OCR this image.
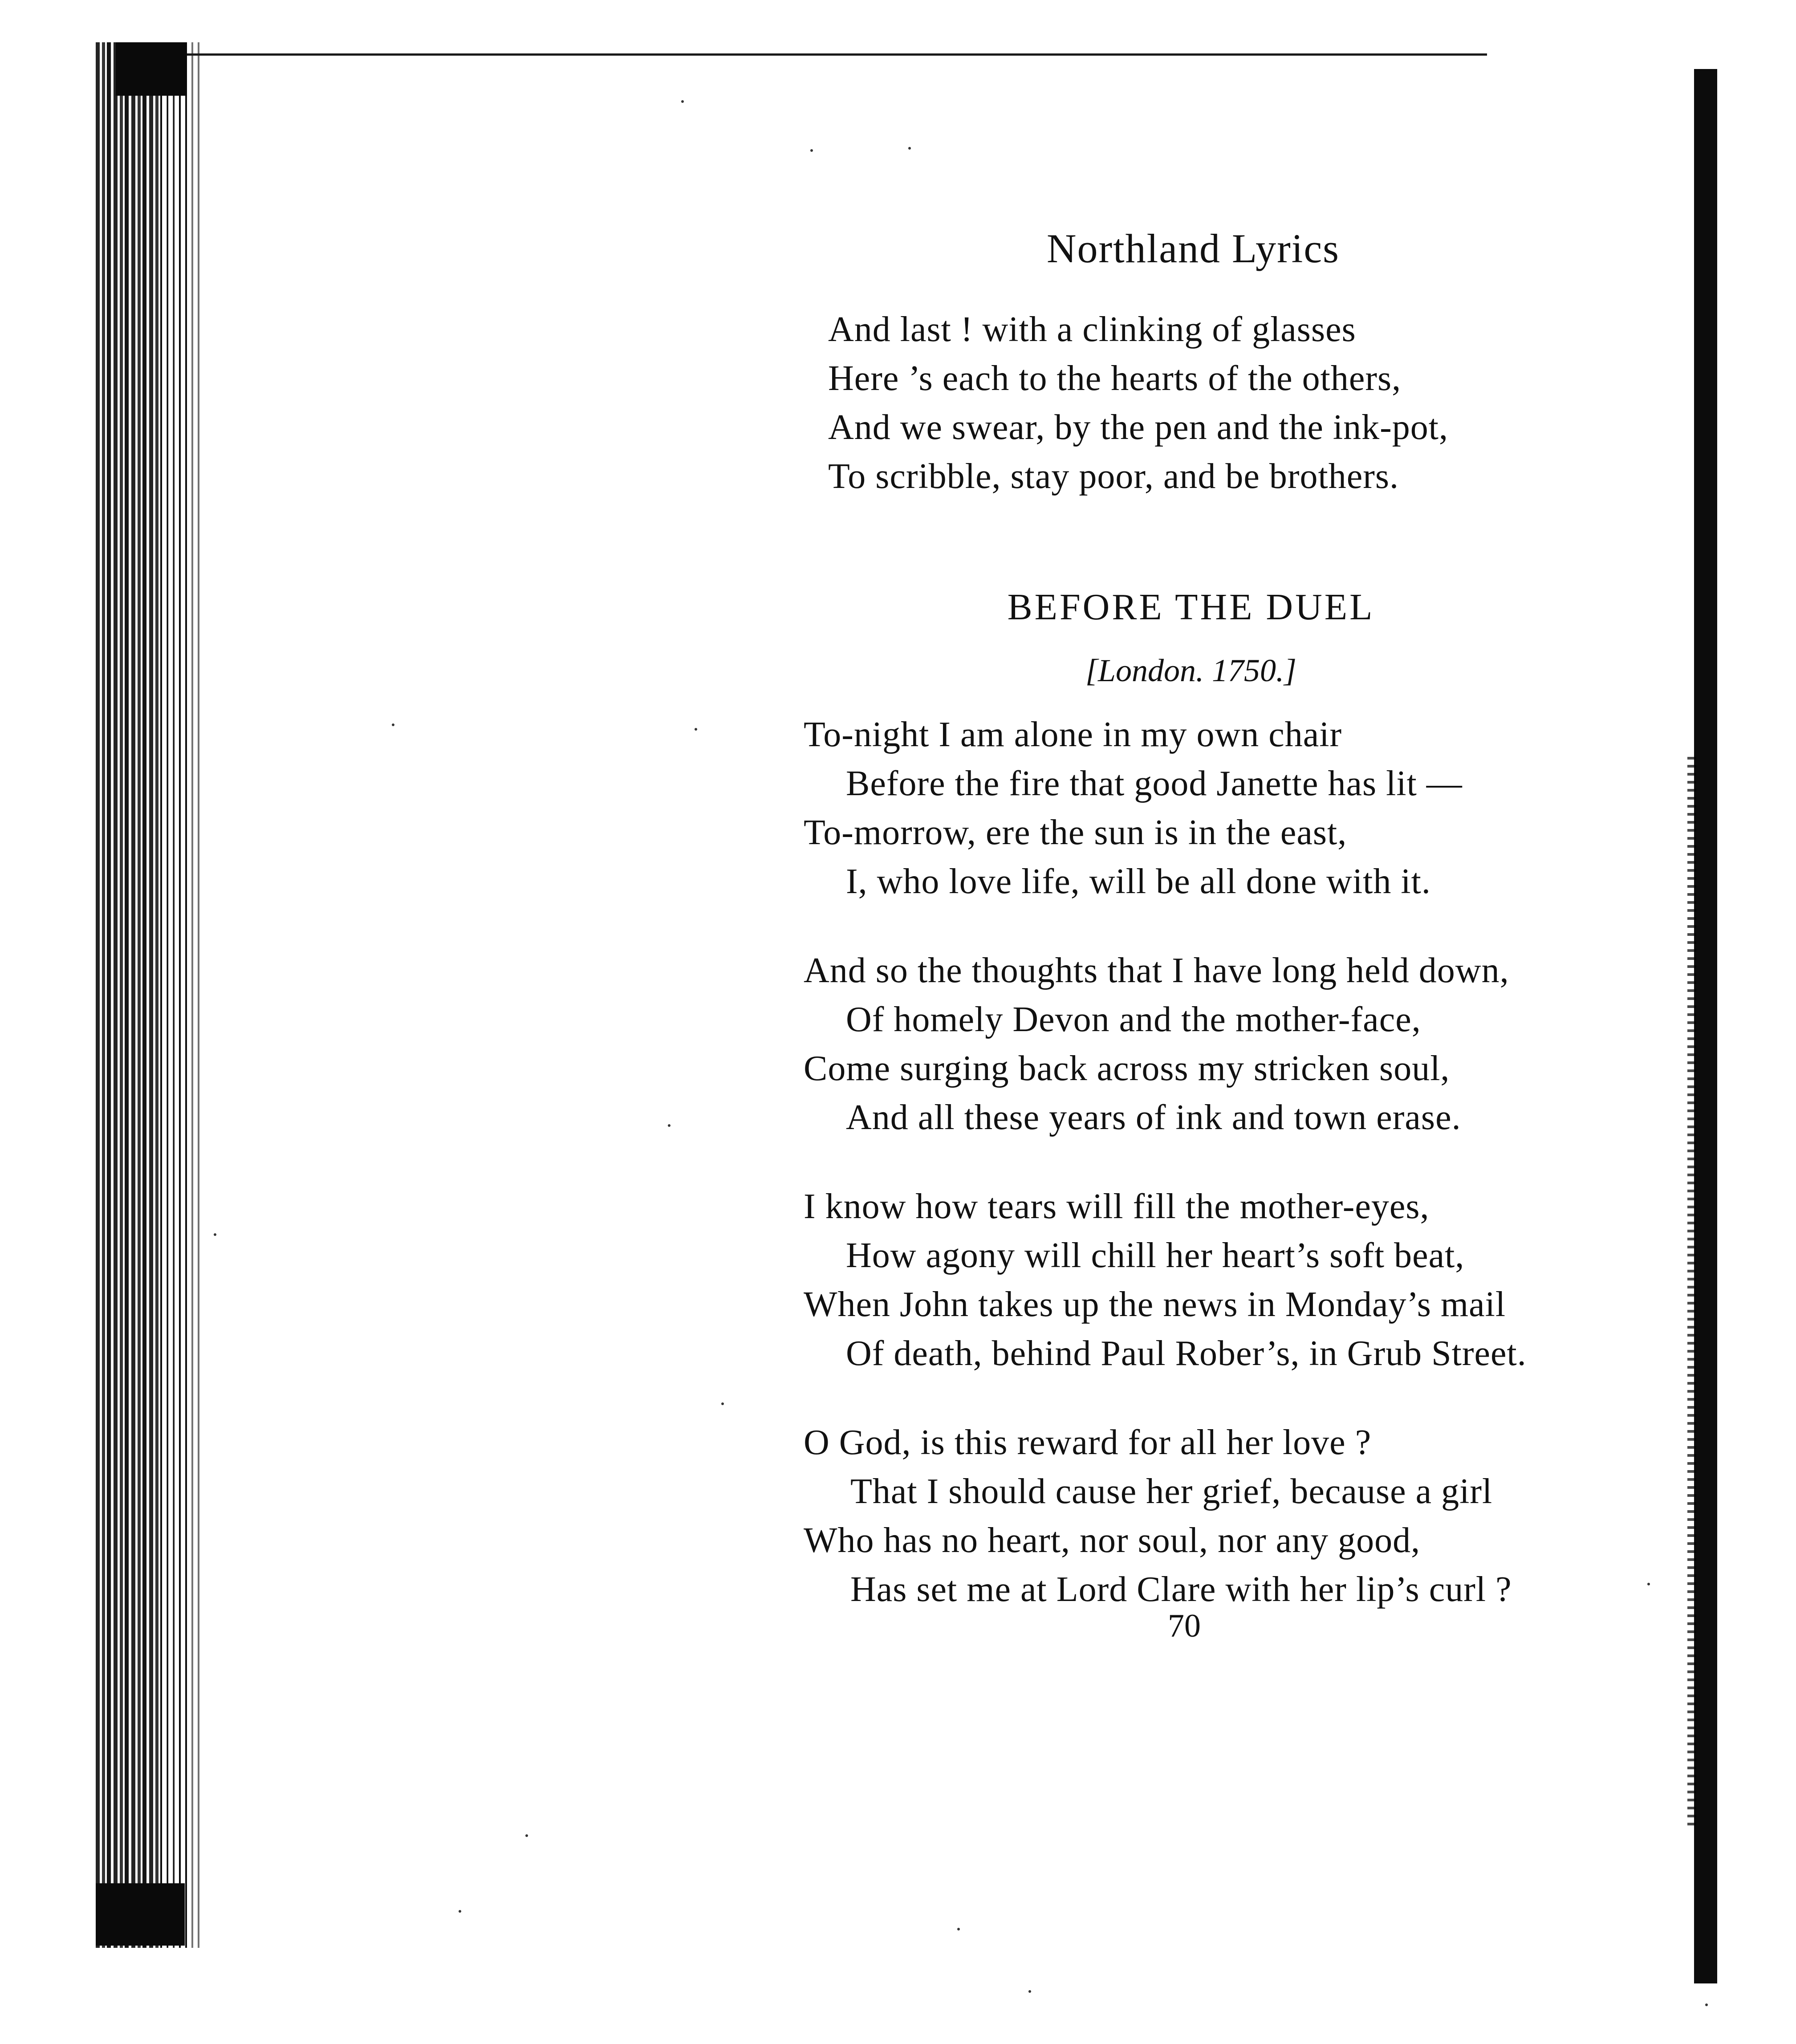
Northland Lyrics
And last ! with a clinking of glasses
Here ’s each to the hearts of the others,
And we swear, by the pen and the ink-pot,
To scribble, stay poor, and be brothers.
BEFORE THE DUEL
[London. 1750.]
To-night I am alone in my own chair
Before the fire that good Janette has lit —
To-morrow, ere the sun is in the east,
I, who love life, will be all done with it.
And so the thoughts that I have long held down,
Of homely Devon and the mother-face,
Come surging back across my stricken soul,
And all these years of ink and town erase.
I know how tears will fill the mother-eyes,
How agony will chill her heart’s soft beat,
When John takes up the news in Monday’s mail
Of death, behind Paul Rober’s, in Grub Street.
O God, is this reward for all her love ?
That I should cause her grief, because a girl
Who has no heart, nor soul, nor any good,
Has set me at Lord Clare with her lip’s curl ?
70
